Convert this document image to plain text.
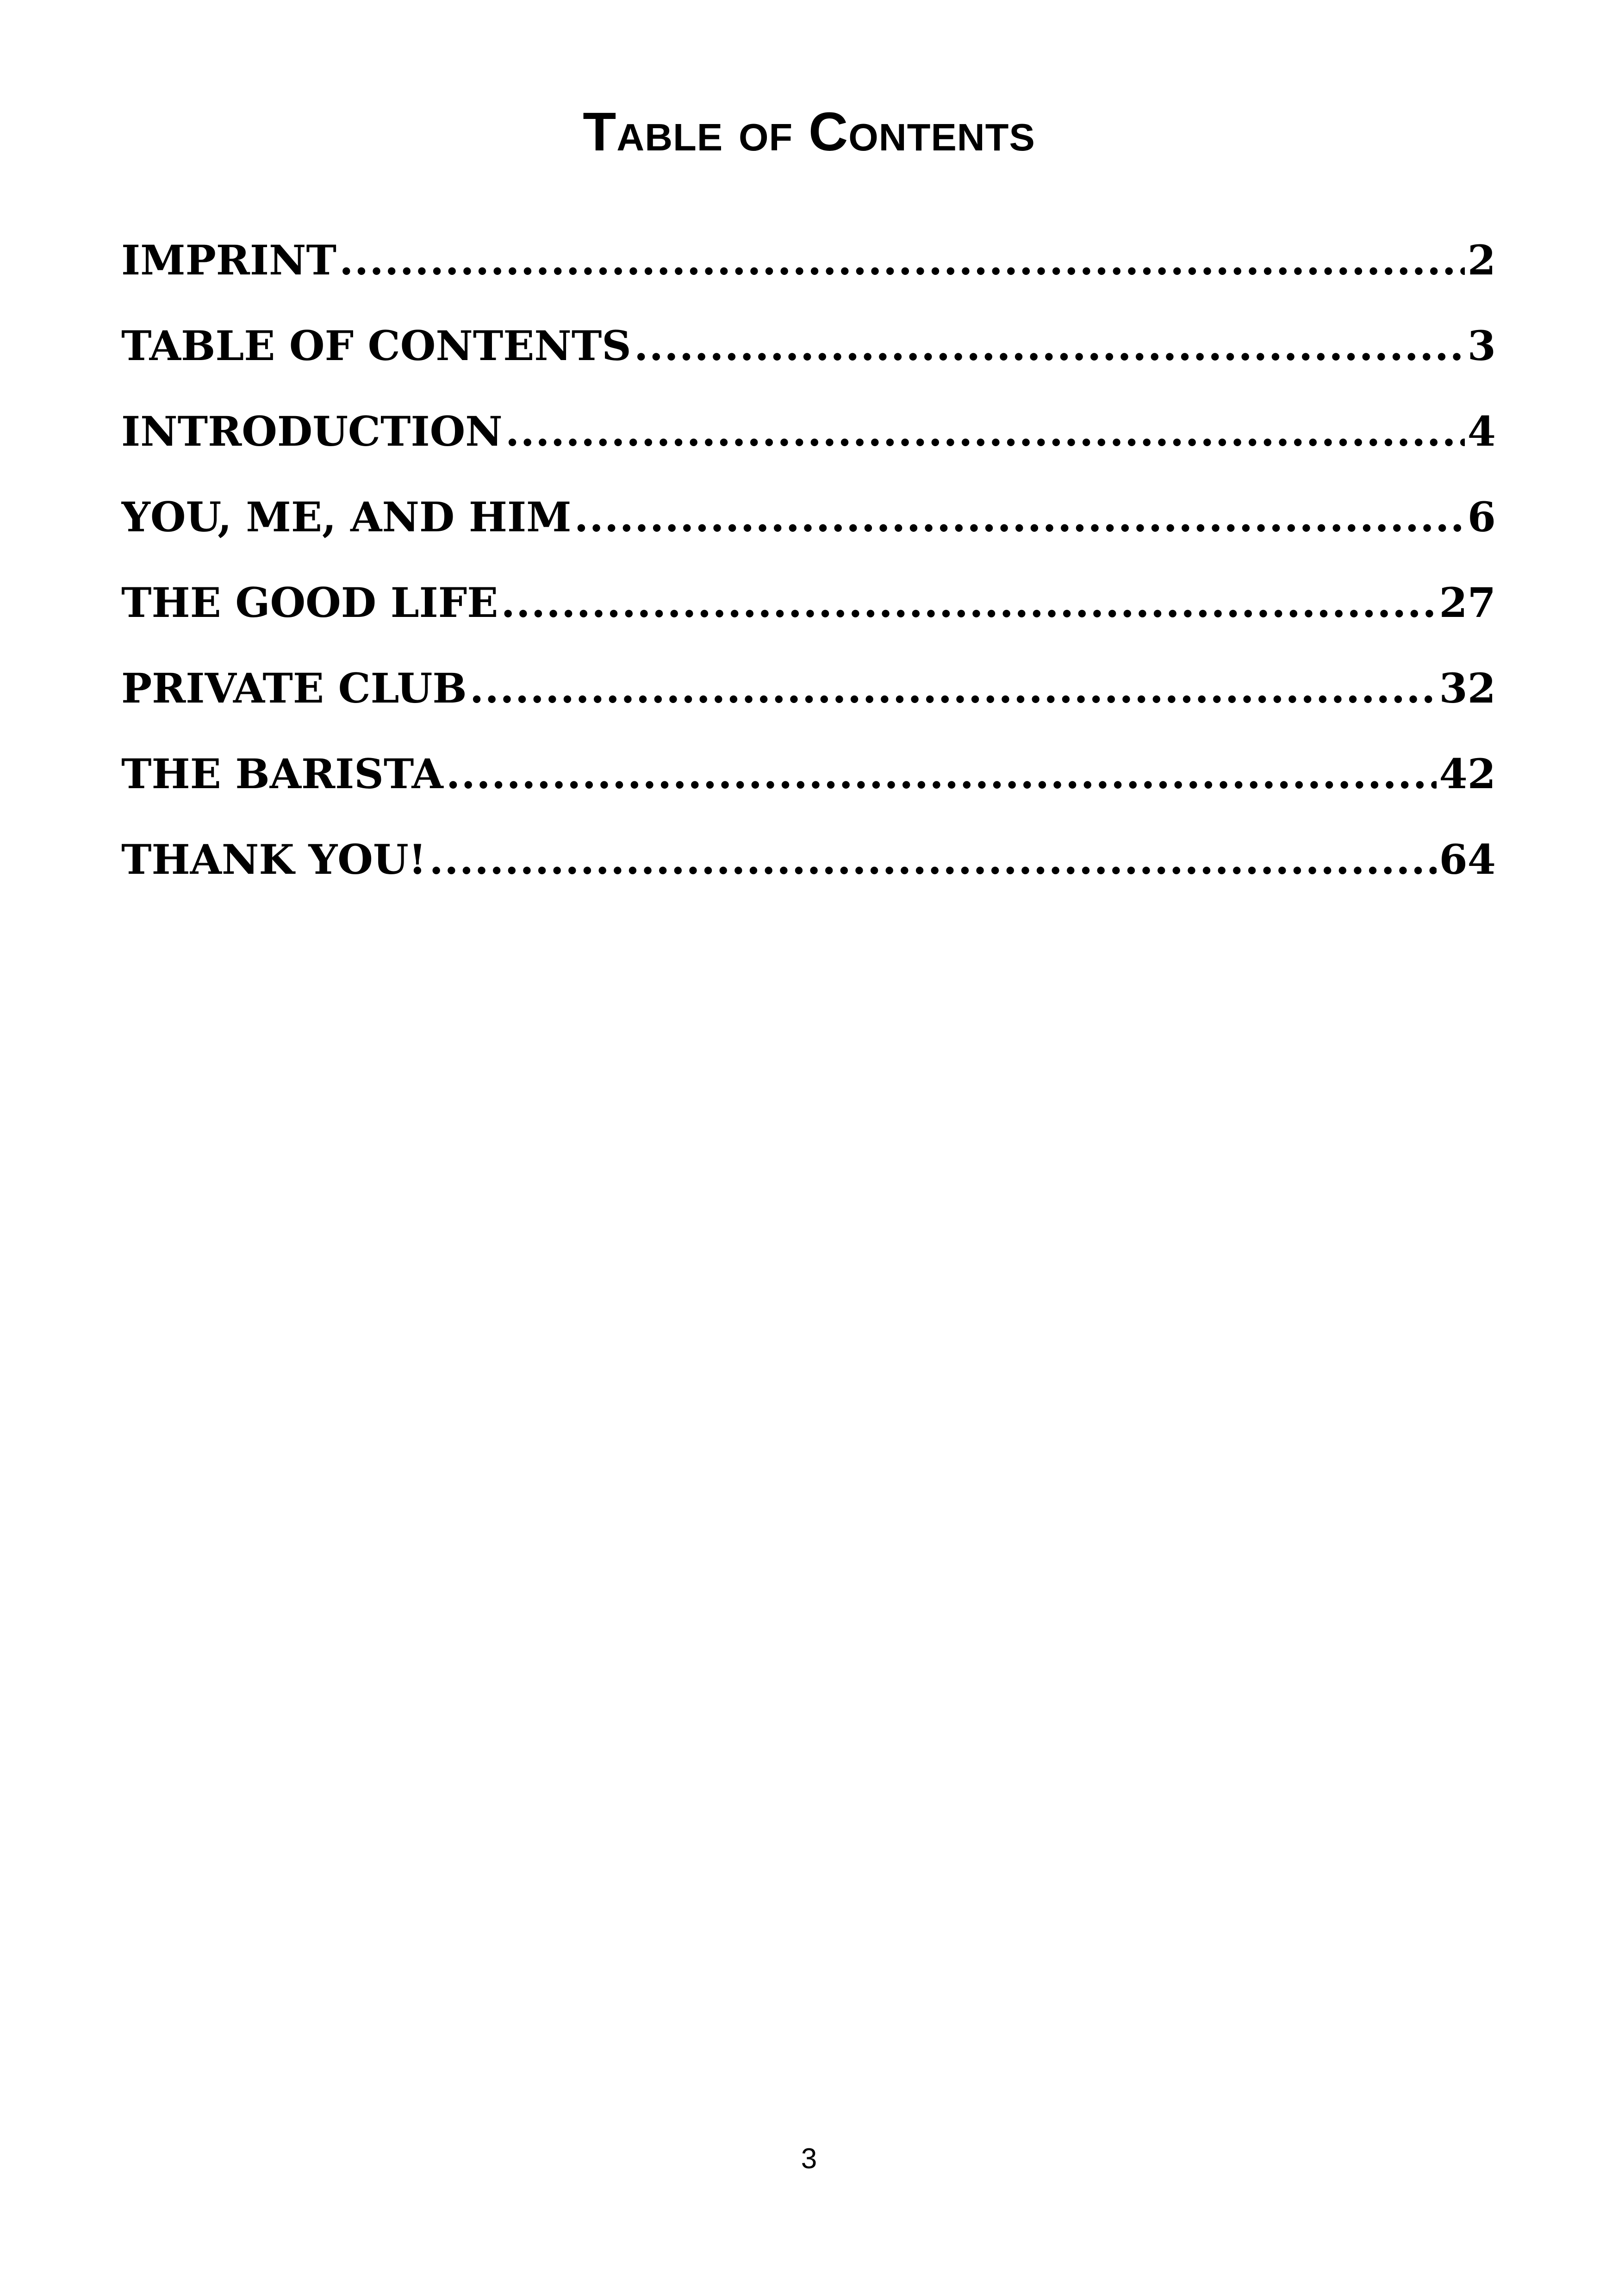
Table of Contents
IMPRINT .....	2
TABLE OF CONTENTS .....	3
INTRODUCTION .....	4
YOU, ME, AND HIM .....	6
THE GOOD LIFE .....	27
PRIVATE CLUB .....	32
THE BARISTA .....	42
THANK YOU! .....	64
3
